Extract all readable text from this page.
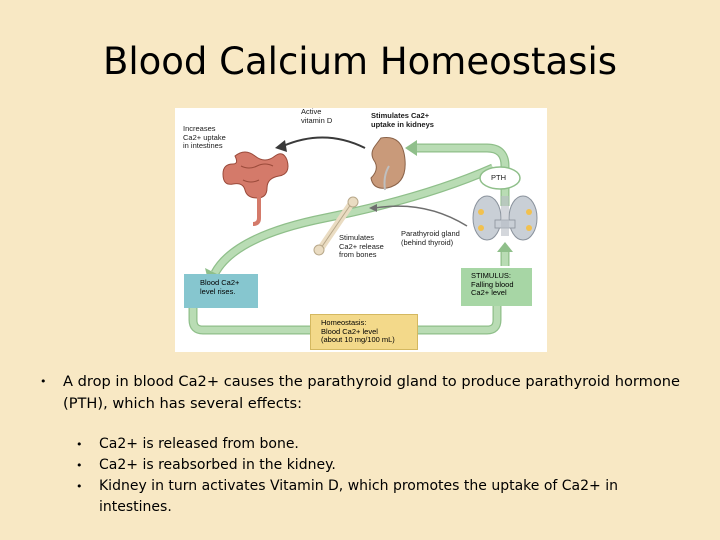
Blood Calcium Homeostasis
Active
vitamin D	Stimulates Ca2+
uptake in kidneys
Increases
Ca2+ uptake
in intestines
PTH
Parathyroid gland
(behind thyroid)
Stimulates
Ca2+ release
from bones
Blood Ca2+
level rises.
STIMULUS:
Falling blood
Ca2+ level
Homeostasis:
Blood Ca2+ level
(about 10 mg/100 mL)
• A drop in blood Ca2+ causes the parathyroid gland to produce parathyroid hormone (PTH), which has several effects:
• Ca2+ is released from bone.
• Ca2+ is reabsorbed in the kidney.
• Kidney in turn activates Vitamin D, which promotes the uptake of Ca2+ in intestines.
